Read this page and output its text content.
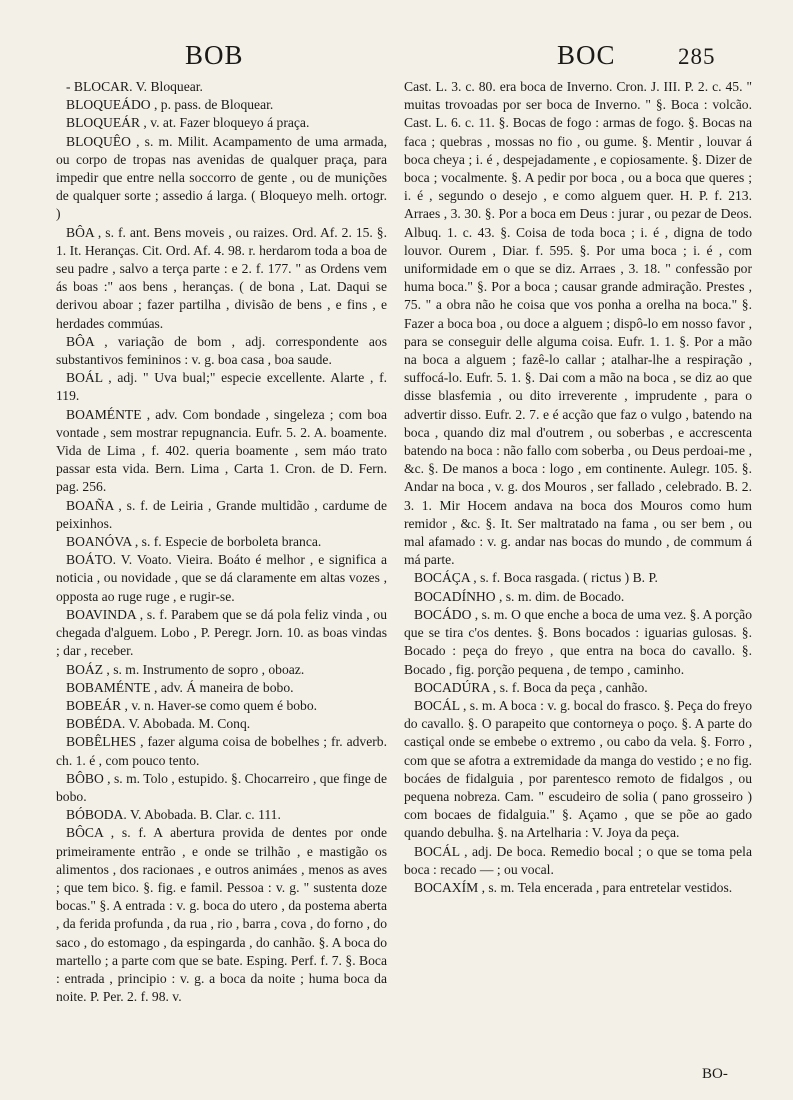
BOB	BOC	285

- BLOCAR. V. Bloquear.

BLOQUEÁDO , p. pass. de Bloquear.

BLOQUEÁR , v. at. Fazer bloqueyo á praça.

BLOQUÊO , s. m. Milit. Acampamento de uma armada, ou corpo de tropas nas avenidas de qualquer praça, para impedir que entre nella soccorro de gente , ou de munições de qualquer sorte ; assedio á larga. ( Bloqueyo melh. ortogr. )

BÔA , s. f. ant. Bens moveis , ou raizes. Ord. Af. 2. 15. §. 1. It. Heranças. Cit. Ord. Af. 4. 98. r. herdarom toda a boa de seu padre , salvo a terça parte : e 2. f. 177. " as Ordens vem ás boas :" aos bens , heranças. ( de bona , Lat. Daqui se derivou aboar ; fazer partilha , divisão de bens , e fins , e herdades commúas.

BÔA , variação de bom , adj. correspondente aos substantivos femininos : v. g. boa casa , boa saude.

BOÁL , adj. " Uva bual;" especie excellente. Alarte , f. 119.

BOAMÉNTE , adv. Com bondade , singeleza ; com boa vontade , sem mostrar repugnancia. Eufr. 5. 2. A. boamente. Vida de Lima , f. 402. queria boamente , sem máo trato passar esta vida. Bern. Lima , Carta 1. Cron. de D. Fern. pag. 256.

BOAÑA , s. f. de Leiria , Grande multidão , cardume de peixinhos.

BOANÓVA , s. f. Especie de borboleta branca.

BOÁTO. V. Voato. Vieira. Boáto é melhor , e significa a noticia , ou novidade , que se dá claramente em altas vozes , opposta ao ruge ruge , e rugir-se.

BOAVINDA , s. f. Parabem que se dá pola feliz vinda , ou chegada d'alguem. Lobo , P. Peregr. Jorn. 10. as boas vindas ; dar , receber.

BOÁZ , s. m. Instrumento de sopro , oboaz.

BOBAMÉNTE , adv. Á maneira de bobo.

BOBEÁR , v. n. Haver-se como quem é bobo.

BOBÉDA. V. Abobada. M. Conq.

BOBÊLHES , fazer alguma coisa de bobelhes ; fr. adverb. ch. 1. é , com pouco tento.

BÔBO , s. m. Tolo , estupido. §. Chocarreiro , que finge de bobo.

BÓBODA. V. Abobada. B. Clar. c. 111.

BÔCA , s. f. A abertura provida de dentes por onde primeiramente entrão , e onde se trilhão , e mastigão os alimentos , dos racionaes , e outros animáes , menos as aves ; que tem bico. §. fig. e famil. Pessoa : v. g. " sustenta doze bocas." §. A entrada : v. g. boca do utero , da postema aberta , da ferida profunda , da rua , rio , barra , cova , do forno , do saco , do estomago , da espingarda , do canhão. §. A boca do martello ; a parte com que se bate. Esping. Perf. f. 7. §. Boca : entrada , principio : v. g. a boca da noite ; huma boca da noite. P. Per. 2. f. 98. v.

Cast. L. 3. c. 80. era boca de Inverno. Cron. J. III. P. 2. c. 45. " muitas trovoadas por ser boca de Inverno. " §. Boca : volcão. Cast. L. 6. c. 11. §. Bocas de fogo : armas de fogo. §. Bocas na faca ; quebras , mossas no fio , ou gume. §. Mentir , louvar á boca cheya ; i. é , despejadamente , e copiosamente. §. Dizer de boca ; vocalmente. §. A pedir por boca , ou a boca que queres ; i. é , segundo o desejo , e como alguem quer. H. P. f. 213. Arraes , 3. 30. §. Por a boca em Deus : jurar , ou pezar de Deos. Albuq. 1. c. 43. §. Coisa de toda boca ; i. é , digna de todo louvor. Ourem , Diar. f. 595. §. Por uma boca ; i. é , com uniformidade em o que se diz. Arraes , 3. 18. " confessão por huma boca." §. Por a boca ; causar grande admiração. Prestes , 75. " a obra não he coisa que vos ponha a orelha na boca." §. Fazer a boca boa , ou doce a alguem ; dispô-lo em nosso favor , para se conseguir delle alguma coisa. Eufr. 1. 1. §. Por a mão na boca a alguem ; fazê-lo callar ; atalhar-lhe a respiração , suffocá-lo. Eufr. 5. 1. §. Dai com a mão na boca , se diz ao que disse blasfemia , ou dito irreverente , imprudente , para o advertir disso. Eufr. 2. 7. e é acção que faz o vulgo , batendo na boca , quando diz mal d'outrem , ou soberbas , e accrescenta batendo na boca : não fallo com soberba , ou Deus perdoai-me , &c. §. De manos a boca : logo , em continente. Aulegr. 105. §. Andar na boca , v. g. dos Mouros , ser fallado , celebrado. B. 2. 3. 1. Mir Hocem andava na boca dos Mouros como hum remidor , &c. §. It. Ser maltratado na fama , ou ser bem , ou mal afamado : v. g. andar nas bocas do mundo , de commum á má parte.

BOCÁÇA , s. f. Boca rasgada. ( rictus ) B. P.

BOCADÍNHO , s. m. dim. de Bocado.

BOCÁDO , s. m. O que enche a boca de uma vez. §. A porção que se tira c'os dentes. §. Bons bocados : iguarias gulosas. §. Bocado : peça do freyo , que entra na boca do cavallo. §. Bocado , fig. porção pequena , de tempo , caminho.

BOCADÚRA , s. f. Boca da peça , canhão.

BOCÁL , s. m. A boca : v. g. bocal do frasco. §. Peça do freyo do cavallo. §. O parapeito que contorneya o poço. §. A parte do castiçal onde se embebe o extremo , ou cabo da vela. §. Forro , com que se afotra a extremidade da manga do vestido ; e no fig. bocáes de fidalguia , por parentesco remoto de fidalgos , ou pequena nobreza. Cam. " escudeiro de solia ( pano grosseiro ) com bocaes de fidalguia." §. Açamo , que se põe ao gado quando debulha. §. na Artelharia : V. Joya da peça.

BOCÁL , adj. De boca. Remedio bocal ; o que se toma pela boca : recado — ; ou vocal.

BOCAXÍM , s. m. Tela encerada , para entretelar vestidos.

BO-
